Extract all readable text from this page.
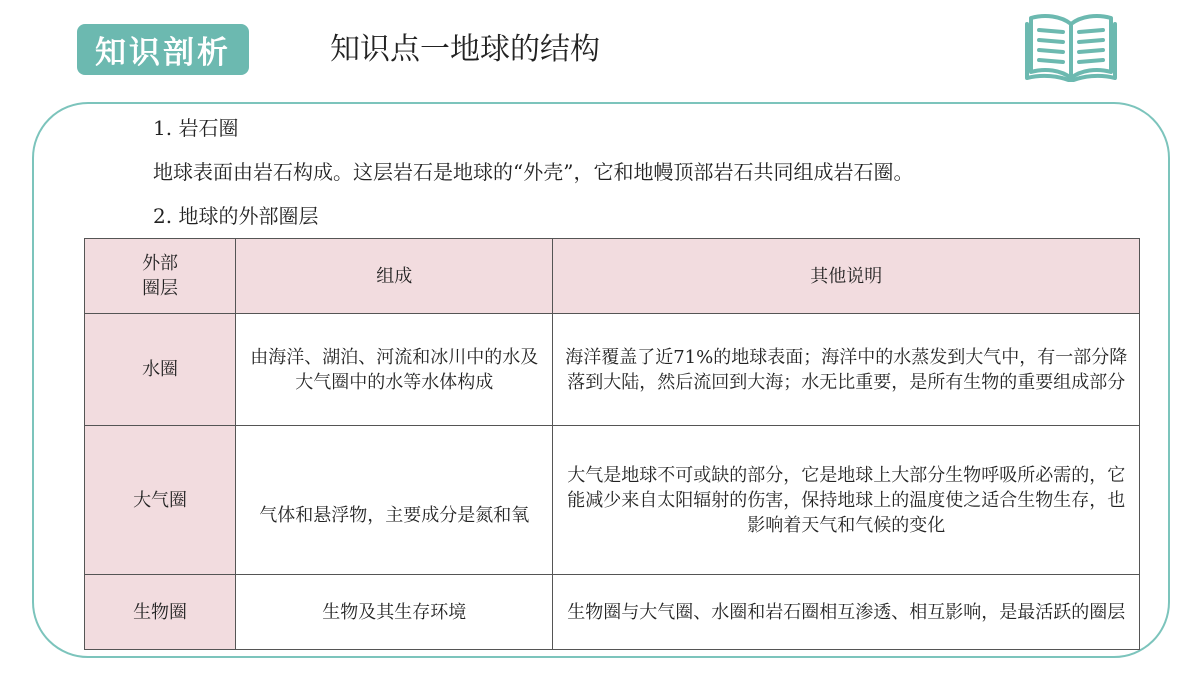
知识剖析	知识点一地球的结构
1. 岩石圈
地球表面由岩石构成。这层岩石是地球的“外壳”，它和地幔顶部岩石共同组成岩石圈。
2. 地球的外部圈层
外部
圈层	组成	其他说明
水圈	由海洋、湖泊、河流和冰川中的水及大气圈中的水等水体构成	海洋覆盖了近71%的地球表面；海洋中的水蒸发到大气中，有一部分降落到大陆，然后流回到大海；水无比重要，是所有生物的重要组成部分
大气圈	气体和悬浮物，主要成分是氮和氧	大气是地球不可或缺的部分，它是地球上大部分生物呼吸所必需的，它能减少来自太阳辐射的伤害，保持地球上的温度使之适合生物生存，也影响着天气和气候的变化
生物圈	生物及其生存环境	生物圈与大气圈、水圈和岩石圈相互渗透、相互影响，是最活跃的圈层
